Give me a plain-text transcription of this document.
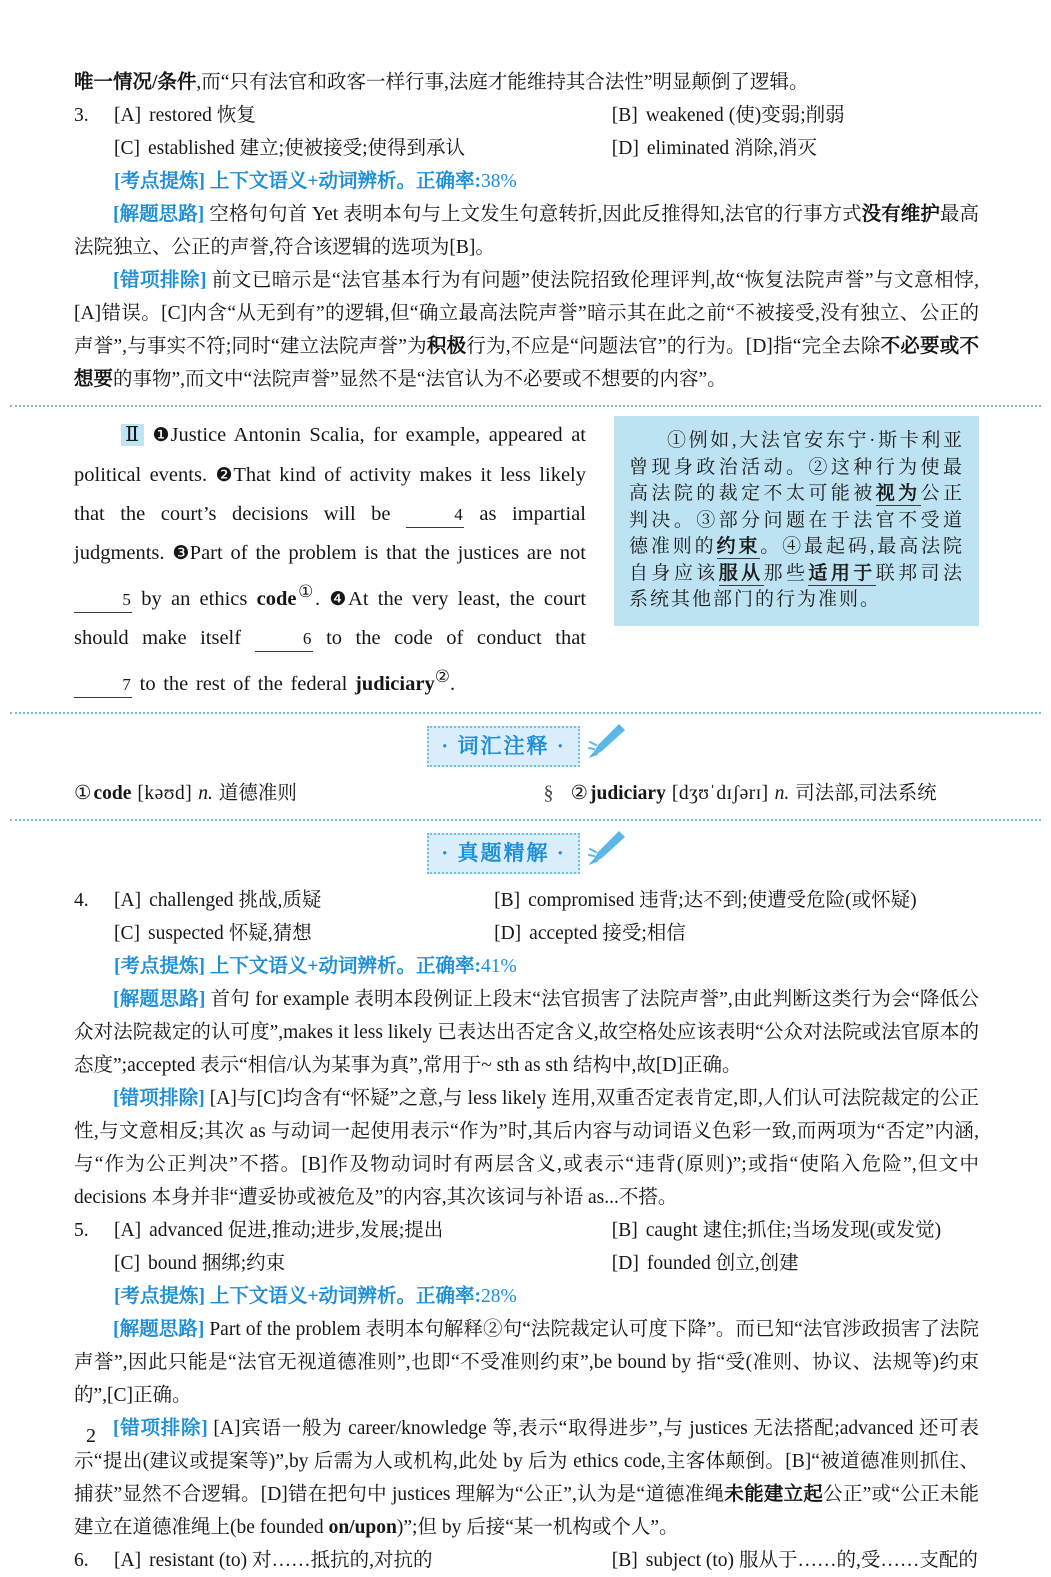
唯一情况/条件,而“只有法官和政客一样行事,法庭才能维持其合法性”明显颠倒了逻辑。
3.	[A] restored 恢复	[B] weakened (使)变弱;削弱
[C] established 建立;使被接受;使得到承认	[D] eliminated 消除,消灭
[考点提炼] 上下文语义+动词辨析。正确率:38%

[解题思路] 空格句句首 Yet 表明本句与上文发生句意转折,因此反推得知,法官的行事方式没有维护最高法院独立、公正的声誉,符合该逻辑的选项为[B]。

[错项排除] 前文已暗示是“法官基本行为有问题”使法院招致伦理评判,故“恢复法院声誉”与文意相悖,[A]错误。[C]内含“从无到有”的逻辑,但“确立最高法院声誉”暗示其在此之前“不被接受,没有独立、公正的声誉”,与事实不符;同时“建立法院声誉”为积极行为,不应是“问题法官”的行为。[D]指“完全去除不必要或不想要的事物”,而文中“法院声誉”显然不是“法官认为不必要或不想要的内容”。

Ⅱ ❶Justice Antonin Scalia, for example, appeared at political events. ❷That kind of activity makes it less likely that the court’s decisions will be	4 as impartial judgments. ❸Part of the problem is that the justices are not 5 by an ethics code①. ❹At the very least, the court should make itself	6 to the code of conduct that 7 to the rest of the federal judiciary②.

①例如,大法官安东宁·斯卡利亚曾现身政治活动。②这种行为使最高法院的裁定不太可能被视为公正判决。③部分问题在于法官不受道德准则的约束。④最起码,最高法院自身应该服从那些适用于联邦司法系统其他部门的行为准则。

· 词汇注释 ·
① code [kəʊd] n. 道德准则	§ ② judiciary [dʒʊˈdɪʃərɪ] n. 司法部,司法系统
· 真题精解 ·
4.	[A] challenged 挑战,质疑	[B] compromised 违背;达不到;使遭受危险(或怀疑)
[C] suspected 怀疑,猜想	[D] accepted 接受;相信
[考点提炼] 上下文语义+动词辨析。正确率:41%

[解题思路] 首句 for example 表明本段例证上段末“法官损害了法院声誉”,由此判断这类行为会“降低公众对法院裁定的认可度”,makes it less likely 已表达出否定含义,故空格处应该表明“公众对法院或法官原本的态度”;accepted 表示“相信/认为某事为真”,常用于~ sth as sth 结构中,故[D]正确。

[错项排除] [A]与[C]均含有“怀疑”之意,与 less likely 连用,双重否定表肯定,即,人们认可法院裁定的公正性,与文意相反;其次 as 与动词一起使用表示“作为”时,其后内容与动词语义色彩一致,而两项为“否定”内涵,与“作为公正判决”不搭。[B]作及物动词时有两层含义,或表示“违背(原则)”;或指“使陷入危险”,但文中 decisions 本身并非“遭妥协或被危及”的内容,其次该词与补语 as...不搭。

5.	[A] advanced 促进,推动;进步,发展;提出	[B] caught 逮住;抓住;当场发现(或发觉)
[C] bound 捆绑;约束	[D] founded 创立,创建
[考点提炼] 上下文语义+动词辨析。正确率:28%

[解题思路] Part of the problem 表明本句解释②句“法院裁定认可度下降”。而已知“法官涉政损害了法院声誉”,因此只能是“法官无视道德准则”,也即“不受准则约束”,be bound by 指“受(准则、协议、法规等)约束的”,[C]正确。

[错项排除] [A]宾语一般为 career/knowledge 等,表示“取得进步”,与 justices 无法搭配;advanced 还可表示“提出(建议或提案等)”,by 后需为人或机构,此处 by 后为 ethics code,主客体颠倒。[B]“被道德准则抓住、捕获”显然不合逻辑。[D]错在把句中 justices 理解为“公正”,认为是“道德准绳未能建立起公正”或“公正未能建立在道德准绳上(be founded on/upon)”;但 by 后接“某一机构或个人”。

6.	[A] resistant (to) 对……抵抗的,对抗的	[B] subject (to) 服从于……的,受……支配的
2
